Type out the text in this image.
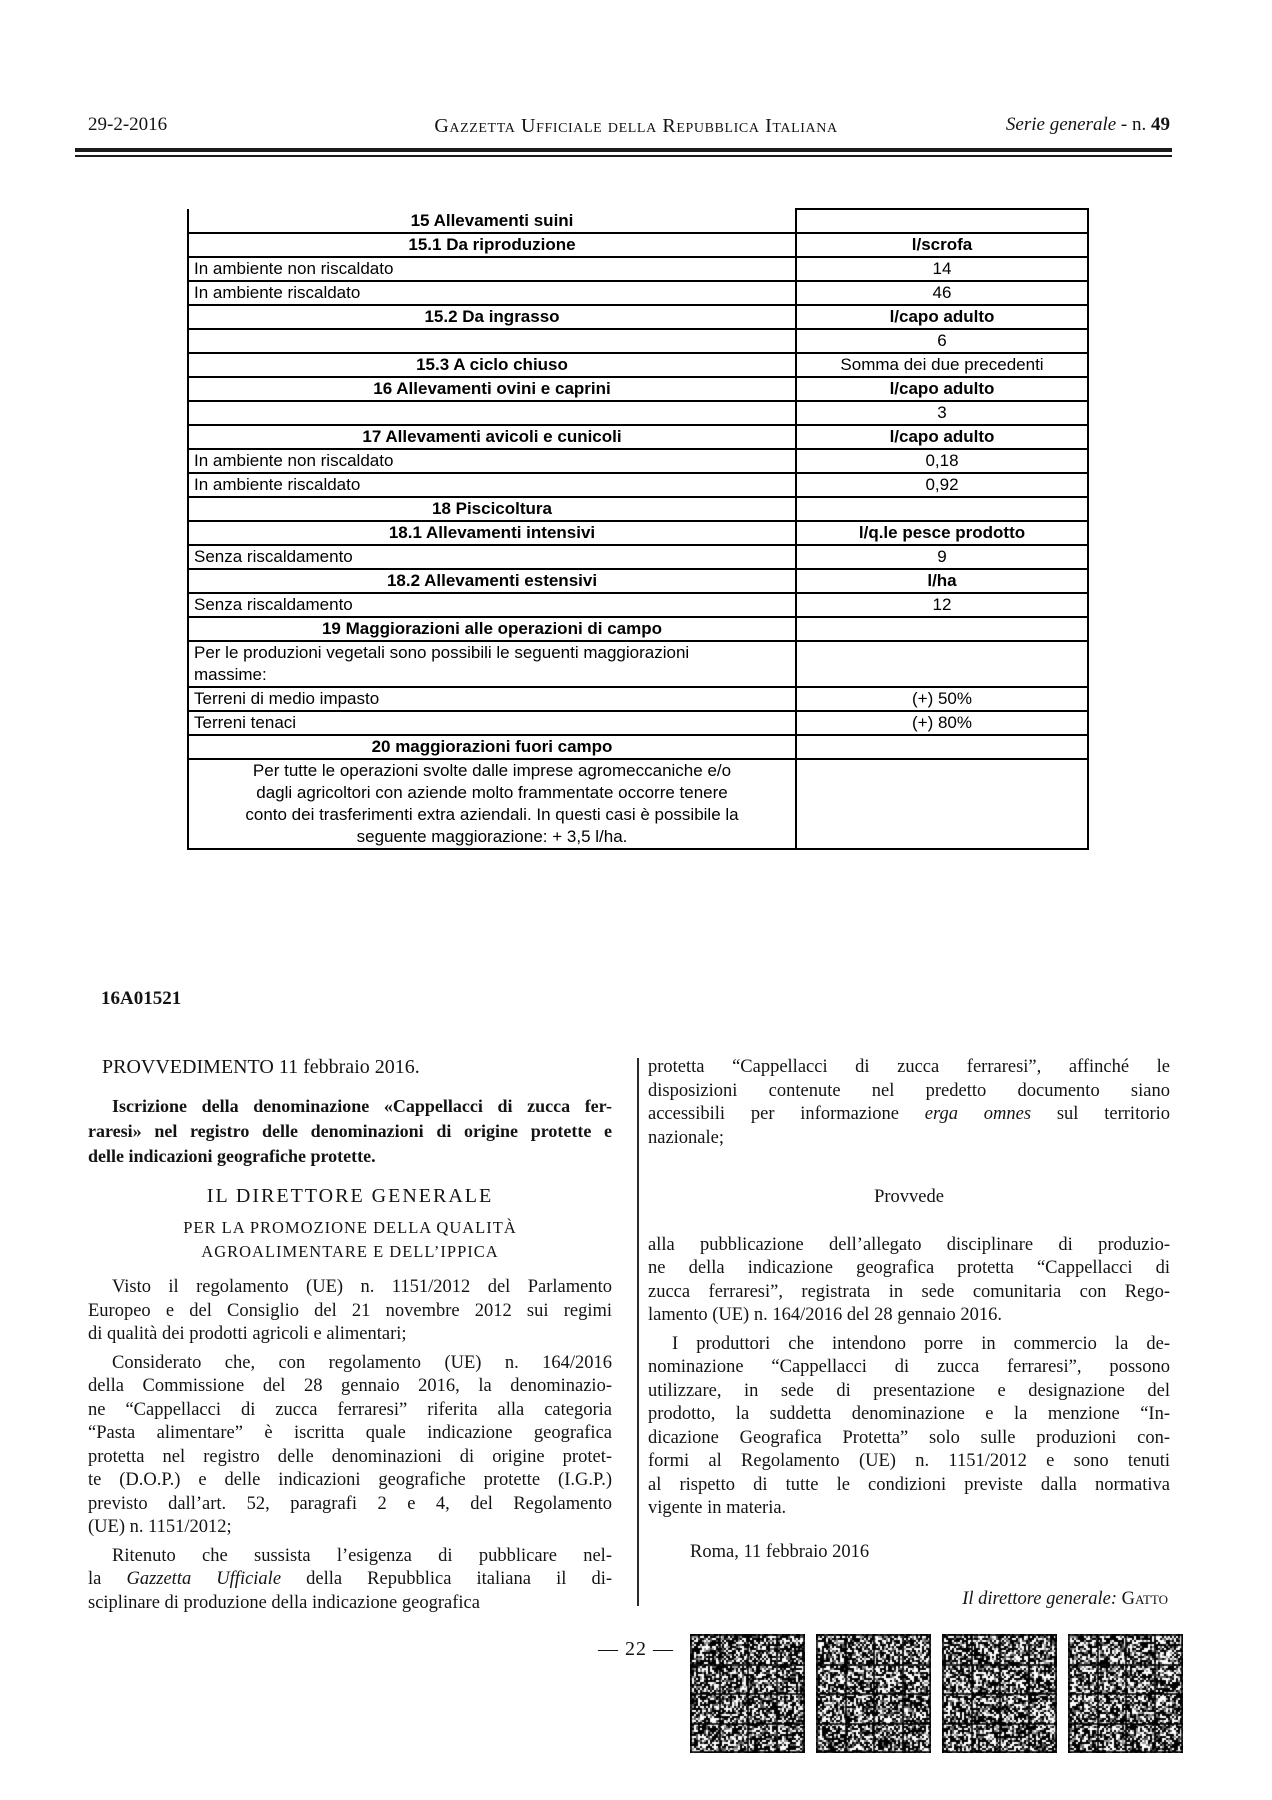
29-2-2016	Gazzetta Ufficiale della Repubblica Italiana	Serie generale - n. 49
15 Allevamenti suini	
15.1 Da riproduzione	l/scrofa
In ambiente non riscaldato	14
In ambiente riscaldato	46
15.2 Da ingrasso	l/capo adulto
	6
15.3 A ciclo chiuso	Somma dei due precedenti
16 Allevamenti ovini e caprini	l/capo adulto
	3
17 Allevamenti avicoli e cunicoli	l/capo adulto
In ambiente non riscaldato	0,18
In ambiente riscaldato	0,92
18 Piscicoltura	
18.1 Allevamenti intensivi	l/q.le pesce prodotto
Senza riscaldamento	9
18.2 Allevamenti estensivi	l/ha
Senza riscaldamento	12
19 Maggiorazioni alle operazioni di campo	

Per le produzioni vegetali sono possibili le seguenti maggiorazioni
massime:	

Terreni di medio impasto	(+) 50%
Terreni tenaci	(+) 80%
20 maggiorazioni fuori campo	

Per tutte le operazioni svolte dalle imprese agromeccaniche e/o
dagli agricoltori con aziende molto frammentate occorre tenere
conto dei trasferimenti extra aziendali. In questi casi è possibile la
seguente maggiorazione: + 3,5 l/ha.	

16A01521
PROVVEDIMENTO 11 febbraio 2016.
Iscrizione della denominazione «Cappellacci di zucca fer-
raresi» nel registro delle denominazioni di origine protette e
delle indicazioni geografiche protette.
IL DIRETTORE GENERALE
PER LA PROMOZIONE DELLA QUALITÀ
AGROALIMENTARE E DELL’IPPICA
Visto il regolamento (UE) n. 1151/2012 del Parlamento
Europeo e del Consiglio del 21 novembre 2012 sui regimi
di qualità dei prodotti agricoli e alimentari;
Considerato che, con regolamento (UE) n. 164/2016
della Commissione del 28 gennaio 2016, la denominazio-
ne “Cappellacci di zucca ferraresi” riferita alla categoria
“Pasta alimentare” è iscritta quale indicazione geografica
protetta nel registro delle denominazioni di origine protet-
te (D.O.P.) e delle indicazioni geografiche protette (I.G.P.)
previsto dall’art. 52, paragrafi 2 e 4, del Regolamento
(UE) n. 1151/2012;
Ritenuto che sussista l’esigenza di pubblicare nel-
la Gazzetta Ufficiale della Repubblica italiana il di-
sciplinare di produzione della indicazione geografica
protetta “Cappellacci di zucca ferraresi”, affinché le
disposizioni contenute nel predetto documento siano
accessibili per informazione erga omnes sul territorio
nazionale;
Provvede
alla pubblicazione dell’allegato disciplinare di produzio-
ne della indicazione geografica protetta “Cappellacci di
zucca ferraresi”, registrata in sede comunitaria con Rego-
lamento (UE) n. 164/2016 del 28 gennaio 2016.
I produttori che intendono porre in commercio la de-
nominazione “Cappellacci di zucca ferraresi”, possono
utilizzare, in sede di presentazione e designazione del
prodotto, la suddetta denominazione e la menzione “In-
dicazione Geografica Protetta” solo sulle produzioni con-
formi al Regolamento (UE) n. 1151/2012 e sono tenuti
al rispetto di tutte le condizioni previste dalla normativa
vigente in materia.
Roma, 11 febbraio 2016
Il direttore generale: Gatto
— 22 —
